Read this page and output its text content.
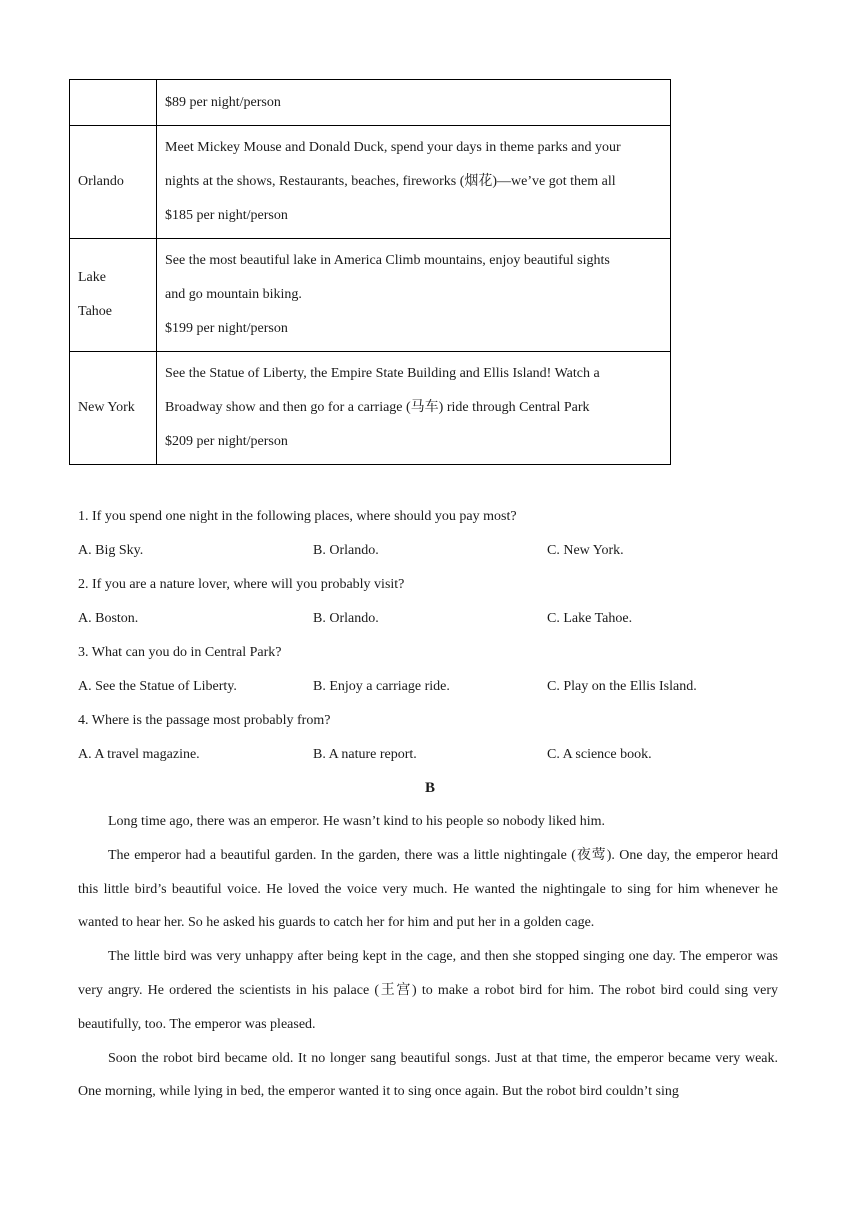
	$89 per night/person

Orlando	Meet Mickey Mouse and Donald Duck, spend your days in theme parks and your
nights at the shows, Restaurants, beaches, fireworks (烟花)—we’ve got them all
$185 per night/person

Lake
Tahoe	See the most beautiful lake in America Climb mountains, enjoy beautiful sights
and go mountain biking.
$199 per night/person

New York	See the Statue of Liberty, the Empire State Building and Ellis Island! Watch a
Broadway show and then go for a carriage (马车) ride through Central Park
$209 per night/person
1. If you spend one night in the following places, where should you pay most?
A. Big Sky.	B. Orlando.	C. New York.
2. If you are a nature lover, where will you probably visit?
A. Boston.	B. Orlando.	C. Lake Tahoe.
3. What can you do in Central Park?
A. See the Statue of Liberty.	B. Enjoy a carriage ride.	C. Play on the Ellis Island.
4. Where is the passage most probably from?
A. A travel magazine.	B. A nature report.	C. A science book.
B

Long time ago, there was an emperor. He wasn’t kind to his people so nobody liked him.

The emperor had a beautiful garden. In the garden, there was a little nightingale (夜莺). One day, the emperor heard this little bird’s beautiful voice. He loved the voice very much. He wanted the nightingale to sing for him whenever he wanted to hear her. So he asked his guards to catch her for him and put her in a golden cage.

The little bird was very unhappy after being kept in the cage, and then she stopped singing one day. The emperor was very angry. He ordered the scientists in his palace (王宫) to make a robot bird for him. The robot bird could sing very beautifully, too. The emperor was pleased.

Soon the robot bird became old. It no longer sang beautiful songs. Just at that time, the emperor became very weak. One morning, while lying in bed, the emperor wanted it to sing once again. But the robot bird couldn’t sing
